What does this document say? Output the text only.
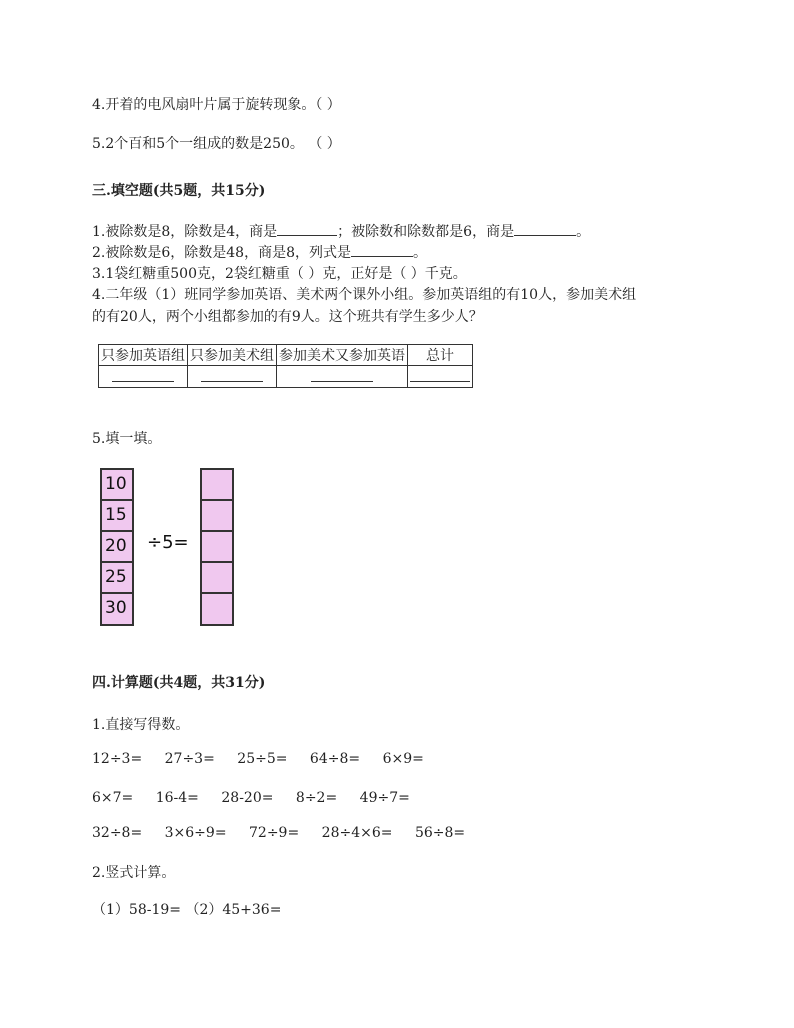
4.开着的电风扇叶片属于旋转现象。（ ）
5.2个百和5个一组成的数是250。 （ ）
三.填空题(共5题，共15分)
1.被除数是8，除数是4，商是	；被除数和除数都是6，商是	。
2.被除数是6，除数是48，商是8，列式是	。
3.1袋红糖重500克，2袋红糖重（ ）克，正好是（ ）千克。
4.二年级（1）班同学参加英语、美术两个课外小组。参加英语组的有10人，参加美术组
的有20人，两个小组都参加的有9人。这个班共有学生多少人？
只参加英语组	只参加美术组	参加美术又参加英语	总计

5.填一填。
10
15
20
25
30
÷5=
四.计算题(共4题，共31分)
1.直接写得数。
12÷3= 27÷3= 25÷5= 64÷8= 6×9=
6×7= 16-4= 28-20= 8÷2= 49÷7=
32÷8= 3×6÷9= 72÷9= 28÷4×6= 56÷8=
2.竖式计算。
（1）58-19= （2）45+36=
